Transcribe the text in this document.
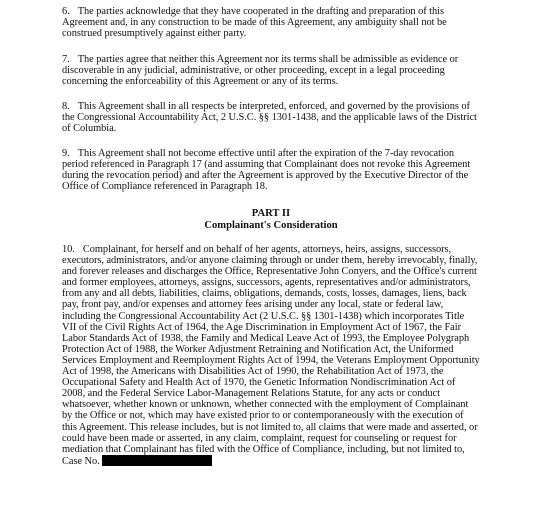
6. The parties acknowledge that they have cooperated in the drafting and preparation of this Agreement and, in any construction to be made of this Agreement, any ambiguity shall not be construed presumptively against either party.

7. The parties agree that neither this Agreement nor its terms shall be admissible as evidence or discoverable in any judicial, administrative, or other proceeding, except in a legal proceeding concerning the enforceability of this Agreement or any of its terms.

8. This Agreement shall in all respects be interpreted, enforced, and governed by the provisions of the Congressional Accountability Act, 2 U.S.C. §§ 1301-1438, and the applicable laws of the District of Columbia.

9. This Agreement shall not become effective until after the expiration of the 7-day revocation period referenced in Paragraph 17 (and assuming that Complainant does not revoke this Agreement during the revocation period) and after the Agreement is approved by the Executive Director of the Office of Compliance referenced in Paragraph 18.

PART II
Complainant's Consideration

10. Complainant, for herself and on behalf of her agents, attorneys, heirs, assigns, successors, executors, administrators, and/or anyone claiming through or under them, hereby irrevocably, finally, and forever releases and discharges the Office, Representative John Conyers, and the Office's current and former employees, attorneys, assigns, successors, agents, representatives and/or administrators, from any and all debts, liabilities, claims, obligations, demands, costs, losses, damages, liens, back pay, front pay, and/or expenses and attorney fees arising under any local, state or federal law, including the Congressional Accountability Act (2 U.S.C. §§ 1301-1438) which incorporates Title VII of the Civil Rights Act of 1964, the Age Discrimination in Employment Act of 1967, the Fair Labor Standards Act of 1938, the Family and Medical Leave Act of 1993, the Employee Polygraph Protection Act of 1988, the Worker Adjustment Retraining and Notification Act, the Uniformed Services Employment and Reemployment Rights Act of 1994, the Veterans Employment Opportunity Act of 1998, the Americans with Disabilities Act of 1990, the Rehabilitation Act of 1973, the Occupational Safety and Health Act of 1970, the Genetic Information Nondiscrimination Act of 2008, and the Federal Service Labor-Management Relations Statute, for any acts or conduct whatsoever, whether known or unknown, whether connected with the employment of Complainant by the Office or not, which may have existed prior to or contemporaneously with the execution of this Agreement. This release includes, but is not limited to, all claims that were made and asserted, or could have been made or asserted, in any claim, complaint, request for counseling or request for mediation that Complainant has filed with the Office of Compliance, including, but not limited to, Case No.
